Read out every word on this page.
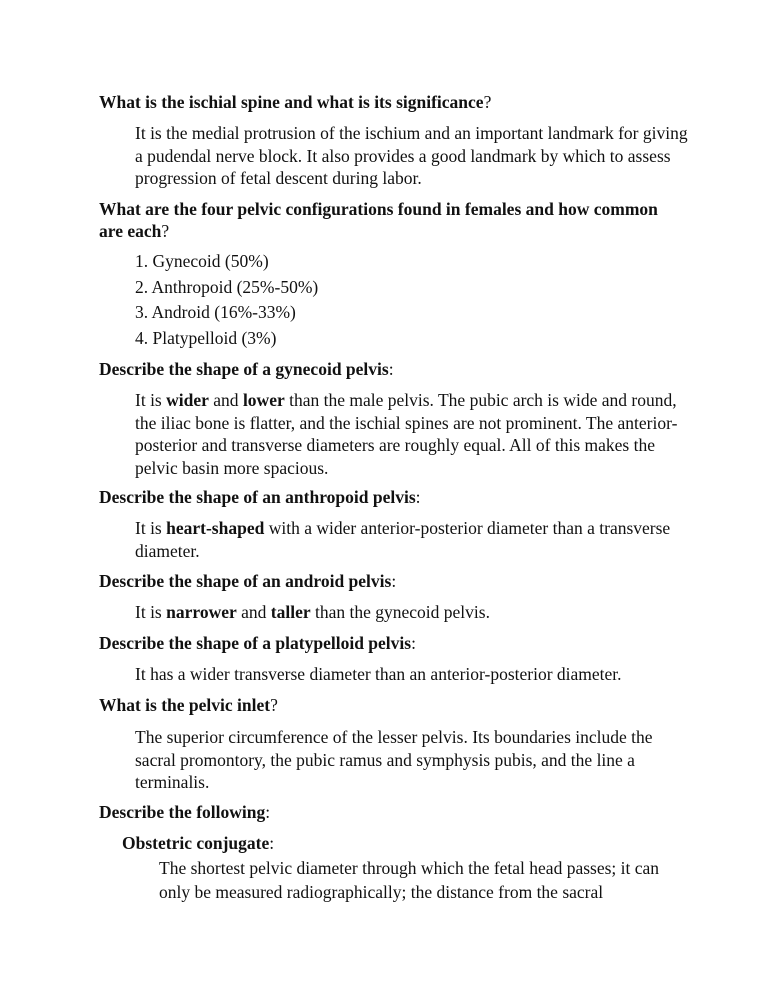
What is the ischial spine and what is its significance?

It is the medial protrusion of the ischium and an important landmark for giving a pudendal nerve block. It also provides a good landmark by which to assess progression of fetal descent during labor.

What are the four pelvic configurations found in females and how common are each?

1. Gynecoid (50%)
2. Anthropoid (25%-50%)
3. Android (16%-33%)
4. Platypelloid (3%)

Describe the shape of a gynecoid pelvis:

It is wider and lower than the male pelvis. The pubic arch is wide and round, the iliac bone is flatter, and the ischial spines are not prominent. The anterior-posterior and transverse diameters are roughly equal. All of this makes the pelvic basin more spacious.

Describe the shape of an anthropoid pelvis:

It is heart-shaped with a wider anterior-posterior diameter than a transverse diameter.

Describe the shape of an android pelvis:

It is narrower and taller than the gynecoid pelvis.

Describe the shape of a platypelloid pelvis:

It has a wider transverse diameter than an anterior-posterior diameter.

What is the pelvic inlet?

The superior circumference of the lesser pelvis. Its boundaries include the sacral promontory, the pubic ramus and symphysis pubis, and the line a terminalis.

Describe the following:

Obstetric conjugate:

The shortest pelvic diameter through which the fetal head passes; it can only be measured radiographically; the distance from the sacral
